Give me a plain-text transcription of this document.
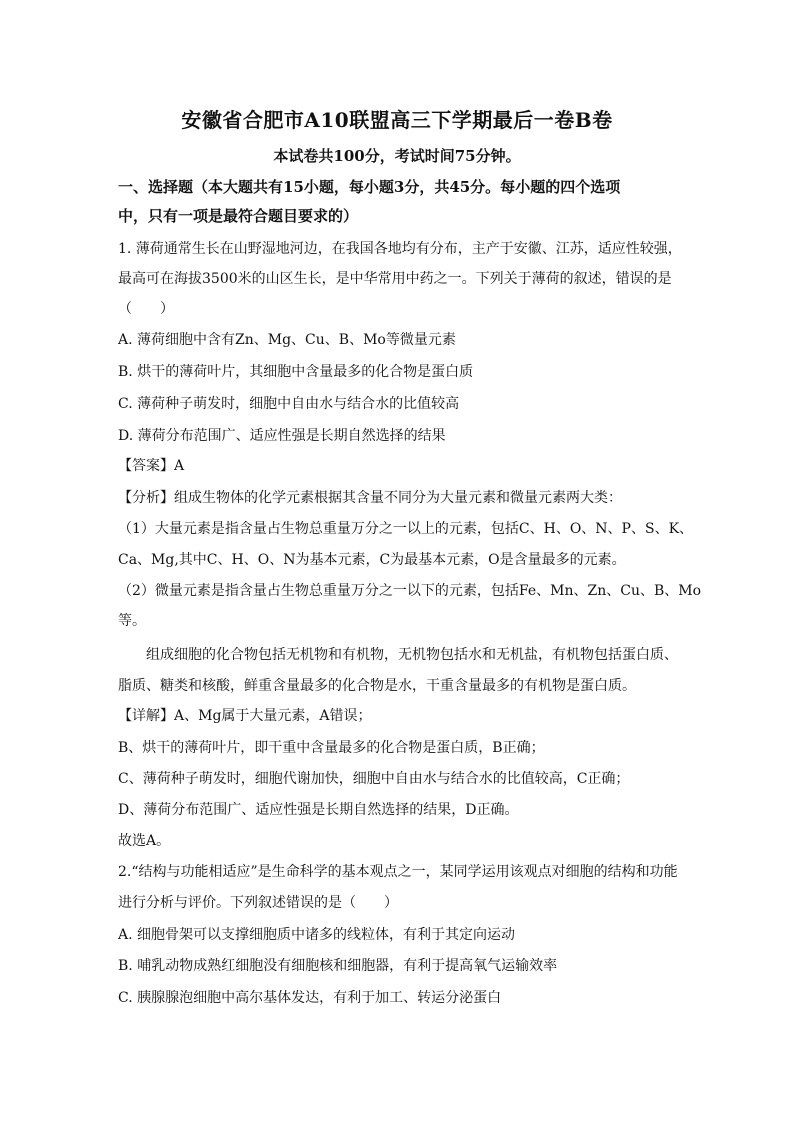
安徽省合肥市A10联盟高三下学期最后一卷B卷
本试卷共100分，考试时间75分钟。
一、选择题（本大题共有15小题，每小题3分，共45分。每小题的四个选项
中，只有一项是最符合题目要求的）
1. 薄荷通常生长在山野湿地河边，在我国各地均有分布，主产于安徽、江苏，适应性较强，
最高可在海拔3500米的山区生长，是中华常用中药之一。下列关于薄荷的叙述，错误的是
（　　）
A. 薄荷细胞中含有Zn、Mg、Cu、B、Mo等微量元素
B. 烘干的薄荷叶片，其细胞中含量最多的化合物是蛋白质
C. 薄荷种子萌发时，细胞中自由水与结合水的比值较高
D. 薄荷分布范围广、适应性强是长期自然选择的结果
【答案】A
【分析】组成生物体的化学元素根据其含量不同分为大量元素和微量元素两大类：
（1）大量元素是指含量占生物总重量万分之一以上的元素，包括C、H、O、N、P、S、K、
Ca、Mg,其中C、H、O、N为基本元素，C为最基本元素，O是含量最多的元素。
（2）微量元素是指含量占生物总重量万分之一以下的元素，包括Fe、Mn、Zn、Cu、B、Mo
等。
组成细胞的化合物包括无机物和有机物，无机物包括水和无机盐，有机物包括蛋白质、
脂质、糖类和核酸，鲜重含量最多的化合物是水，干重含量最多的有机物是蛋白质。
【详解】A、Mg属于大量元素，A错误；
B、烘干的薄荷叶片，即干重中含量最多的化合物是蛋白质，B正确；
C、薄荷种子萌发时，细胞代谢加快，细胞中自由水与结合水的比值较高，C正确；
D、薄荷分布范围广、适应性强是长期自然选择的结果，D正确。
故选A。
2.“结构与功能相适应”是生命科学的基本观点之一，某同学运用该观点对细胞的结构和功能
进行分析与评价。下列叙述错误的是（　　）
A. 细胞骨架可以支撑细胞质中诸多的线粒体，有利于其定向运动
B. 哺乳动物成熟红细胞没有细胞核和细胞器，有利于提高氧气运输效率
C. 胰腺腺泡细胞中高尔基体发达，有利于加工、转运分泌蛋白
